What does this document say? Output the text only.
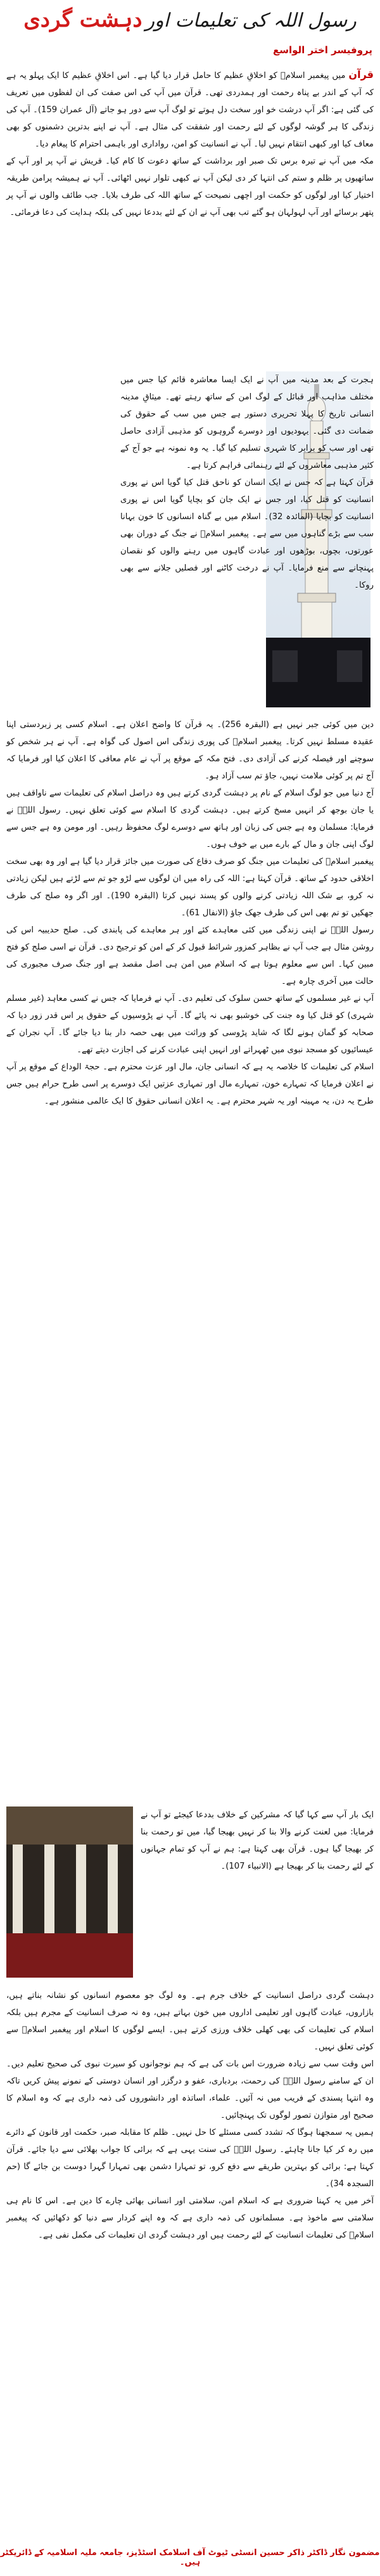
رسول اللہ کی تعلیمات اور دہشت گردی
پروفیسر اختر الواسع

قرآن میں پیغمبر اسلامؐ کو اخلاقِ عظیم کا حامل قرار دیا گیا ہے۔ اس اخلاقِ عظیم کا ایک پہلو یہ ہے کہ آپ کے اندر بے پناہ رحمت اور ہمدردی تھی۔ قرآن میں آپ کی اس صفت کی ان لفظوں میں تعریف کی گئی ہے: اگر آپ درشت خو اور سخت دل ہوتے تو لوگ آپ سے دور ہو جاتے (آل عمران 159)۔ آپ کی زندگی کا ہر گوشہ لوگوں کے لئے رحمت اور شفقت کی مثال ہے۔ آپ نے اپنے بدترین دشمنوں کو بھی معاف کیا اور کبھی انتقام نہیں لیا۔ آپ نے انسانیت کو امن، رواداری اور باہمی احترام کا پیغام دیا۔

مکہ میں آپ نے تیرہ برس تک صبر اور برداشت کے ساتھ دعوت کا کام کیا۔ قریش نے آپ پر اور آپ کے ساتھیوں پر ظلم و ستم کی انتہا کر دی لیکن آپ نے کبھی تلوار نہیں اٹھائی۔ آپ نے ہمیشہ پرامن طریقہ اختیار کیا اور لوگوں کو حکمت اور اچھی نصیحت کے ساتھ اللہ کی طرف بلایا۔ جب طائف والوں نے آپ پر پتھر برسائے اور آپ لہولہان ہو گئے تب بھی آپ نے ان کے لئے بددعا نہیں کی بلکہ ہدایت کی دعا فرمائی۔

ہجرت کے بعد مدینہ میں آپ نے ایک ایسا معاشرہ قائم کیا جس میں مختلف مذاہب اور قبائل کے لوگ امن کے ساتھ رہتے تھے۔ میثاقِ مدینہ انسانی تاریخ کا پہلا تحریری دستور ہے جس میں سب کے حقوق کی ضمانت دی گئی۔ یہودیوں اور دوسرے گروہوں کو مذہبی آزادی حاصل تھی اور سب کو برابر کا شہری تسلیم کیا گیا۔ یہ وہ نمونہ ہے جو آج کے کثیر مذہبی معاشروں کے لئے رہنمائی فراہم کرتا ہے۔

قرآن کہتا ہے کہ جس نے ایک انسان کو ناحق قتل کیا گویا اس نے پوری انسانیت کو قتل کیا، اور جس نے ایک جان کو بچایا گویا اس نے پوری انسانیت کو بچایا (المائدہ 32)۔ اسلام میں بے گناہ انسانوں کا خون بہانا سب سے بڑے گناہوں میں سے ہے۔ پیغمبر اسلامؐ نے جنگ کے دوران بھی عورتوں، بچوں، بوڑھوں اور عبادت گاہوں میں رہنے والوں کو نقصان پہنچانے سے منع فرمایا۔ آپ نے درخت کاٹنے اور فصلیں جلانے سے بھی روکا۔

دین میں کوئی جبر نہیں ہے (البقرہ 256)۔ یہ قرآن کا واضح اعلان ہے۔ اسلام کسی پر زبردستی اپنا عقیدہ مسلط نہیں کرتا۔ پیغمبر اسلامؐ کی پوری زندگی اس اصول کی گواہ ہے۔ آپ نے ہر شخص کو سوچنے اور فیصلہ کرنے کی آزادی دی۔ فتح مکہ کے موقع پر آپ نے عام معافی کا اعلان کیا اور فرمایا کہ آج تم پر کوئی ملامت نہیں، جاؤ تم سب آزاد ہو۔

آج دنیا میں جو لوگ اسلام کے نام پر دہشت گردی کرتے ہیں وہ دراصل اسلام کی تعلیمات سے ناواقف ہیں یا جان بوجھ کر انہیں مسخ کرتے ہیں۔ دہشت گردی کا اسلام سے کوئی تعلق نہیں۔ رسول اللہؐ نے فرمایا: مسلمان وہ ہے جس کی زبان اور ہاتھ سے دوسرے لوگ محفوظ رہیں۔ اور مومن وہ ہے جس سے لوگ اپنی جان و مال کے بارے میں بے خوف ہوں۔

پیغمبر اسلامؐ کی تعلیمات میں جنگ کو صرف دفاع کی صورت میں جائز قرار دیا گیا ہے اور وہ بھی سخت اخلاقی حدود کے ساتھ۔ قرآن کہتا ہے: اللہ کی راہ میں ان لوگوں سے لڑو جو تم سے لڑتے ہیں لیکن زیادتی نہ کرو، بے شک اللہ زیادتی کرنے والوں کو پسند نہیں کرتا (البقرہ 190)۔ اور اگر وہ صلح کی طرف جھکیں تو تم بھی اس کی طرف جھک جاؤ (الانفال 61)۔

رسول اللہؐ نے اپنی زندگی میں کئی معاہدے کئے اور ہر معاہدے کی پابندی کی۔ صلح حدیبیہ اس کی روشن مثال ہے جب آپ نے بظاہر کمزور شرائط قبول کر کے امن کو ترجیح دی۔ قرآن نے اسی صلح کو فتح مبین کہا۔ اس سے معلوم ہوتا ہے کہ اسلام میں امن ہی اصل مقصد ہے اور جنگ صرف مجبوری کی حالت میں آخری چارہ ہے۔

آپ نے غیر مسلموں کے ساتھ حسن سلوک کی تعلیم دی۔ آپ نے فرمایا کہ جس نے کسی معاہد (غیر مسلم شہری) کو قتل کیا وہ جنت کی خوشبو بھی نہ پائے گا۔ آپ نے پڑوسیوں کے حقوق پر اس قدر زور دیا کہ صحابہ کو گمان ہونے لگا کہ شاید پڑوسی کو وراثت میں بھی حصہ دار بنا دیا جائے گا۔ آپ نجران کے عیسائیوں کو مسجد نبوی میں ٹھہراتے اور انہیں اپنی عبادت کرنے کی اجازت دیتے تھے۔

اسلام کی تعلیمات کا خلاصہ یہ ہے کہ انسانی جان، مال اور عزت محترم ہے۔ حجۃ الوداع کے موقع پر آپ نے اعلان فرمایا کہ تمہارے خون، تمہارے مال اور تمہاری عزتیں ایک دوسرے پر اسی طرح حرام ہیں جس طرح یہ دن، یہ مہینہ اور یہ شہر محترم ہے۔ یہ اعلان انسانی حقوق کا ایک عالمی منشور ہے۔

ایک بار آپ سے کہا گیا کہ مشرکین کے خلاف بددعا کیجئے تو آپ نے فرمایا: میں لعنت کرنے والا بنا کر نہیں بھیجا گیا، میں تو رحمت بنا کر بھیجا گیا ہوں۔ قرآن بھی کہتا ہے: ہم نے آپ کو تمام جہانوں کے لئے رحمت بنا کر بھیجا ہے (الانبیاء 107)۔

دہشت گردی دراصل انسانیت کے خلاف جرم ہے۔ وہ لوگ جو معصوم انسانوں کو نشانہ بناتے ہیں، بازاروں، عبادت گاہوں اور تعلیمی اداروں میں خون بہاتے ہیں، وہ نہ صرف انسانیت کے مجرم ہیں بلکہ اسلام کی تعلیمات کی بھی کھلی خلاف ورزی کرتے ہیں۔ ایسے لوگوں کا اسلام اور پیغمبر اسلامؐ سے کوئی تعلق نہیں۔

اس وقت سب سے زیادہ ضرورت اس بات کی ہے کہ ہم نوجوانوں کو سیرت نبوی کی صحیح تعلیم دیں۔ ان کے سامنے رسول اللہؐ کی رحمت، بردباری، عفو و درگزر اور انسان دوستی کے نمونے پیش کریں تاکہ وہ انتہا پسندی کے فریب میں نہ آئیں۔ علماء، اساتذہ اور دانشوروں کی ذمہ داری ہے کہ وہ اسلام کا صحیح اور متوازن تصور لوگوں تک پہنچائیں۔

ہمیں یہ سمجھنا ہوگا کہ تشدد کسی مسئلے کا حل نہیں۔ ظلم کا مقابلہ صبر، حکمت اور قانون کے دائرے میں رہ کر کیا جانا چاہئے۔ رسول اللہؐ کی سنت یہی ہے کہ برائی کا جواب بھلائی سے دیا جائے۔ قرآن کہتا ہے: برائی کو بہترین طریقے سے دفع کرو، تو تمہارا دشمن بھی تمہارا گہرا دوست بن جائے گا (حم السجدہ 34)۔

آخر میں یہ کہنا ضروری ہے کہ اسلام امن، سلامتی اور انسانی بھائی چارے کا دین ہے۔ اس کا نام ہی سلامتی سے ماخوذ ہے۔ مسلمانوں کی ذمہ داری ہے کہ وہ اپنے کردار سے دنیا کو دکھائیں کہ پیغمبر اسلامؐ کی تعلیمات انسانیت کے لئے رحمت ہیں اور دہشت گردی ان تعلیمات کی مکمل نفی ہے۔

مضمون نگار ڈاکٹر ذاکر حسین انسٹی ٹیوٹ آف اسلامک اسٹڈیز، جامعہ ملیہ اسلامیہ کے ڈائریکٹر ہیں۔
